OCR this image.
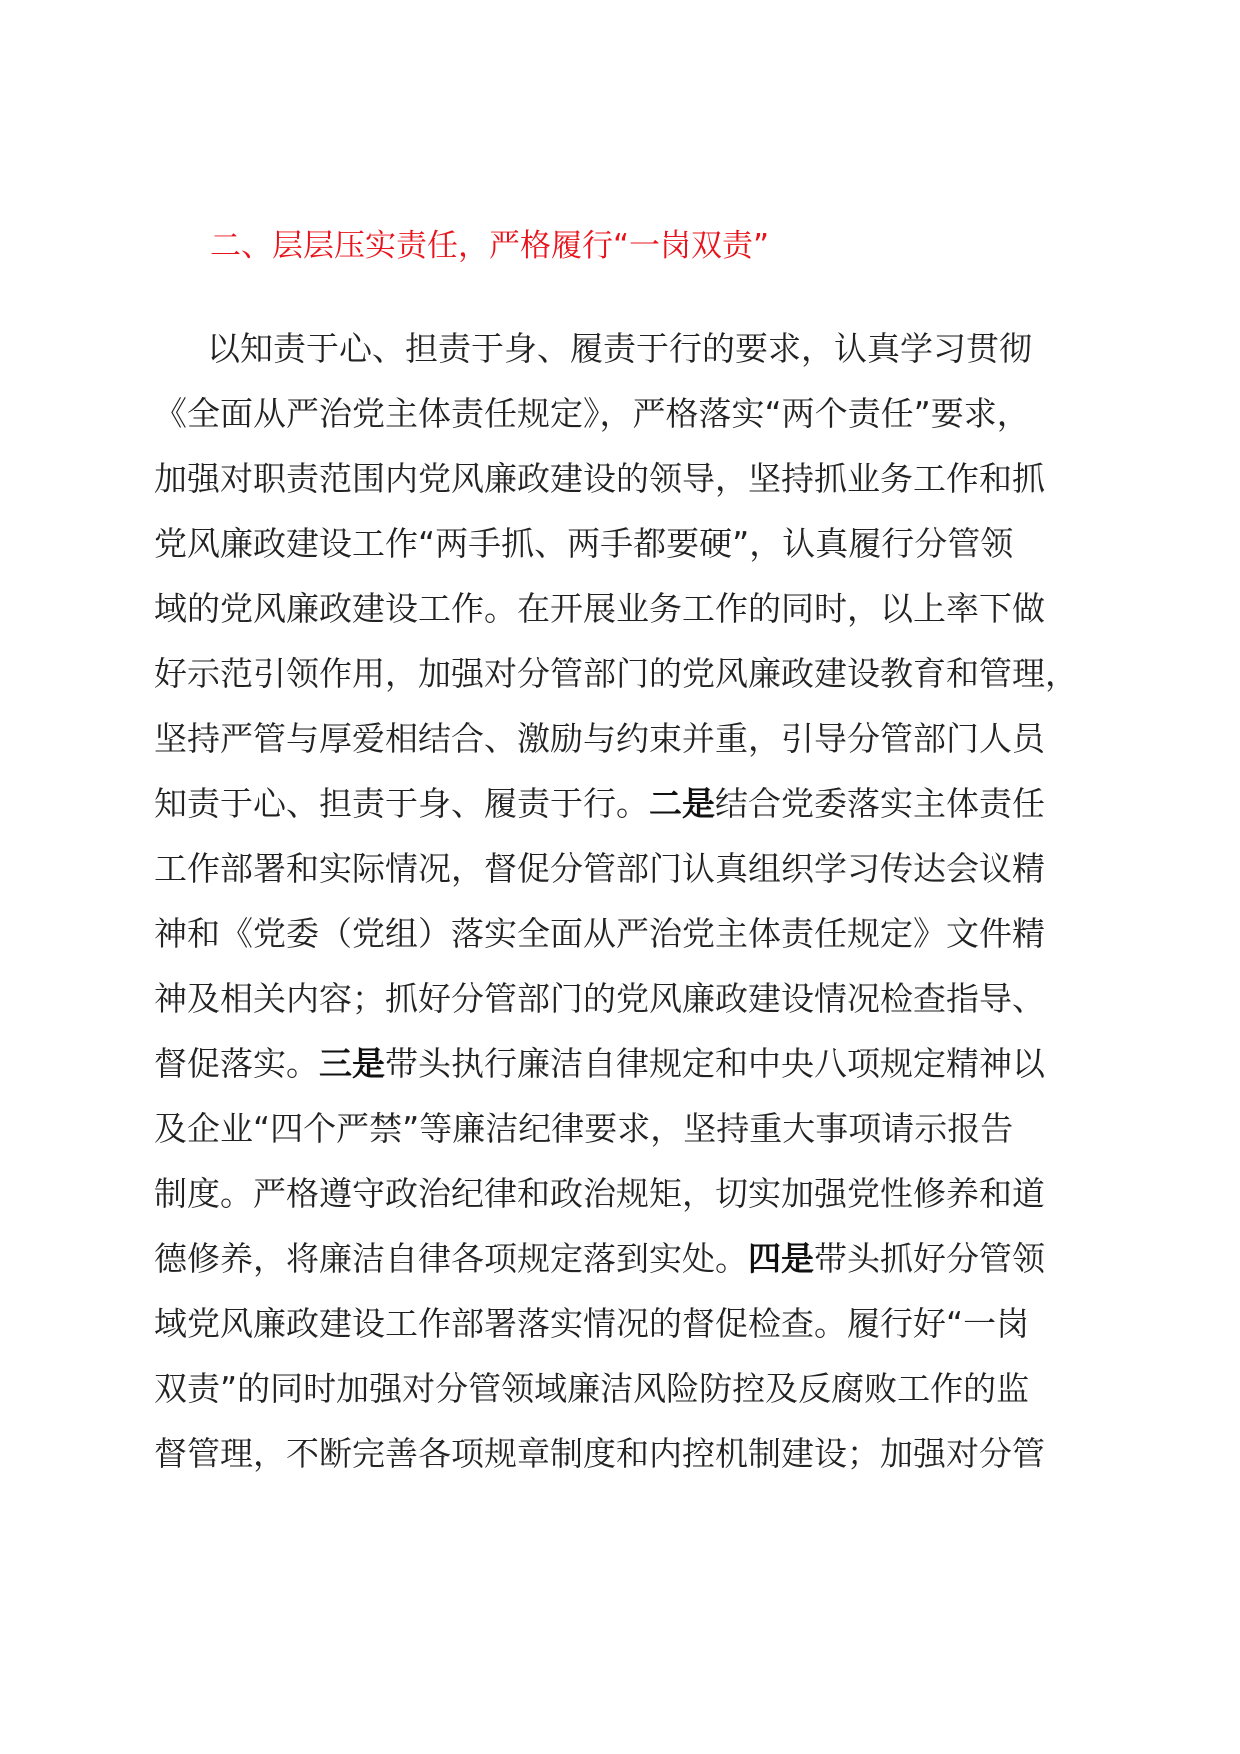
二、层层压实责任，严格履行“一岗双责”
以知责于心、担责于身、履责于行的要求，认真学习贯彻
《全面从严治党主体责任规定》，严格落实“两个责任”要求，
加强对职责范围内党风廉政建设的领导，坚持抓业务工作和抓
党风廉政建设工作“两手抓、两手都要硬”，认真履行分管领
域的党风廉政建设工作。在开展业务工作的同时，以上率下做
好示范引领作用，加强对分管部门的党风廉政建设教育和管理，
坚持严管与厚爱相结合、激励与约束并重，引导分管部门人员
知责于心、担责于身、履责于行。二是结合党委落实主体责任
工作部署和实际情况，督促分管部门认真组织学习传达会议精
神和《党委（党组）落实全面从严治党主体责任规定》文件精
神及相关内容；抓好分管部门的党风廉政建设情况检查指导、
督促落实。三是带头执行廉洁自律规定和中央八项规定精神以
及企业“四个严禁”等廉洁纪律要求，坚持重大事项请示报告
制度。严格遵守政治纪律和政治规矩，切实加强党性修养和道
德修养，将廉洁自律各项规定落到实处。四是带头抓好分管领
域党风廉政建设工作部署落实情况的督促检查。履行好“一岗
双责”的同时加强对分管领域廉洁风险防控及反腐败工作的监
督管理，不断完善各项规章制度和内控机制建设；加强对分管
